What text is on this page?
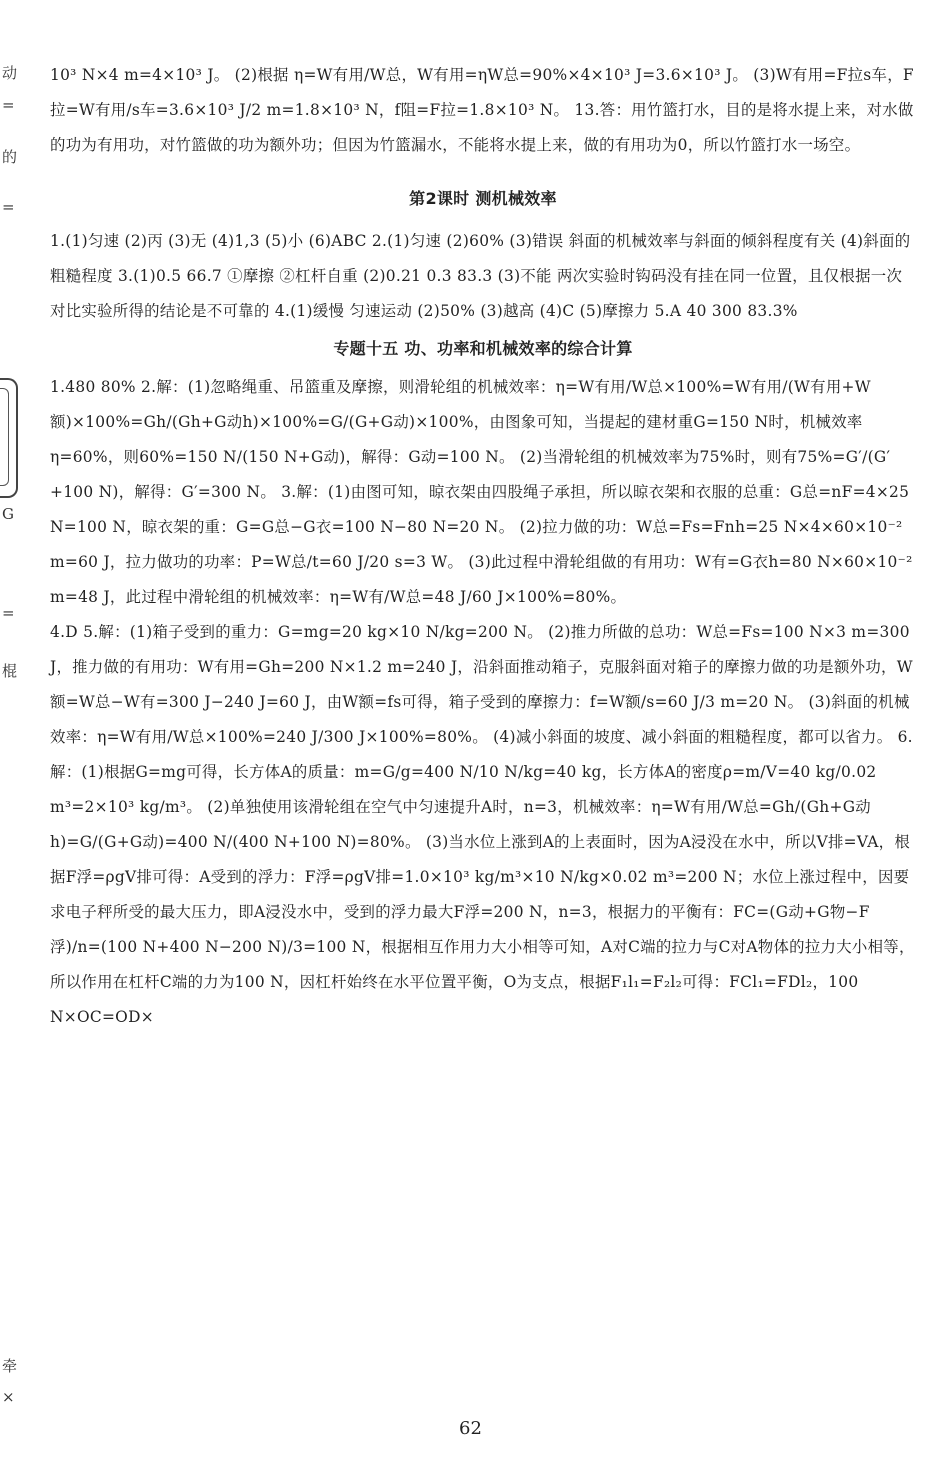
动
=
的
=
G
=
棍
牵
×

10³ N×4 m=4×10³ J。 (2)根据 η=W有用/W总，W有用=ηW总=90%×4×10³ J=3.6×10³ J。 (3)W有用=F拉s车，F拉=W有用/s车=3.6×10³ J/2 m=1.8×10³ N，f阻=F拉=1.8×10³ N。 13.答：用竹篮打水，目的是将水提上来，对水做的功为有用功，对竹篮做的功为额外功；但因为竹篮漏水，不能将水提上来，做的有用功为0，所以竹篮打水一场空。

第2课时 测机械效率

1.(1)匀速 (2)丙 (3)无 (4)1,3 (5)小 (6)ABC 2.(1)匀速 (2)60% (3)错误 斜面的机械效率与斜面的倾斜程度有关 (4)斜面的粗糙程度 3.(1)0.5 66.7 ①摩擦 ②杠杆自重 (2)0.21 0.3 83.3 (3)不能 两次实验时钩码没有挂在同一位置，且仅根据一次对比实验所得的结论是不可靠的 4.(1)缓慢 匀速运动 (2)50% (3)越高 (4)C (5)摩擦力 5.A 40 300 83.3%

专题十五 功、功率和机械效率的综合计算

1.480 80% 2.解：(1)忽略绳重、吊篮重及摩擦，则滑轮组的机械效率：η=W有用/W总×100%=W有用/(W有用+W额)×100%=Gh/(Gh+G动h)×100%=G/(G+G动)×100%，由图象可知，当提起的建材重G=150 N时，机械效率η=60%，则60%=150 N/(150 N+G动)，解得：G动=100 N。 (2)当滑轮组的机械效率为75%时，则有75%=G′/(G′+100 N)，解得：G′=300 N。 3.解：(1)由图可知，晾衣架由四股绳子承担，所以晾衣架和衣服的总重：G总=nF=4×25 N=100 N，晾衣架的重：G=G总−G衣=100 N−80 N=20 N。 (2)拉力做的功：W总=Fs=Fnh=25 N×4×60×10⁻² m=60 J，拉力做功的功率：P=W总/t=60 J/20 s=3 W。 (3)此过程中滑轮组做的有用功：W有=G衣h=80 N×60×10⁻² m=48 J，此过程中滑轮组的机械效率：η=W有/W总=48 J/60 J×100%=80%。

4.D 5.解：(1)箱子受到的重力：G=mg=20 kg×10 N/kg=200 N。 (2)推力所做的总功：W总=Fs=100 N×3 m=300 J，推力做的有用功：W有用=Gh=200 N×1.2 m=240 J，沿斜面推动箱子，克服斜面对箱子的摩擦力做的功是额外功，W额=W总−W有=300 J−240 J=60 J，由W额=fs可得，箱子受到的摩擦力：f=W额/s=60 J/3 m=20 N。 (3)斜面的机械效率：η=W有用/W总×100%=240 J/300 J×100%=80%。 (4)减小斜面的坡度、减小斜面的粗糙程度，都可以省力。 6.解：(1)根据G=mg可得，长方体A的质量：m=G/g=400 N/10 N/kg=40 kg，长方体A的密度ρ=m/V=40 kg/0.02 m³=2×10³ kg/m³。 (2)单独使用该滑轮组在空气中匀速提升A时，n=3，机械效率：η=W有用/W总=Gh/(Gh+G动h)=G/(G+G动)=400 N/(400 N+100 N)=80%。 (3)当水位上涨到A的上表面时，因为A浸没在水中，所以V排=VA，根据F浮=ρgV排可得：A受到的浮力：F浮=ρgV排=1.0×10³ kg/m³×10 N/kg×0.02 m³=200 N；水位上涨过程中，因要求电子秤所受的最大压力，即A浸没水中，受到的浮力最大F浮=200 N，n=3，根据力的平衡有：FC=(G动+G物−F浮)/n=(100 N+400 N−200 N)/3=100 N，根据相互作用力大小相等可知，A对C端的拉力与C对A物体的拉力大小相等，所以作用在杠杆C端的力为100 N，因杠杆始终在水平位置平衡，O为支点，根据F₁l₁=F₂l₂可得：FCl₁=FDl₂，100 N×OC=OD×

62
